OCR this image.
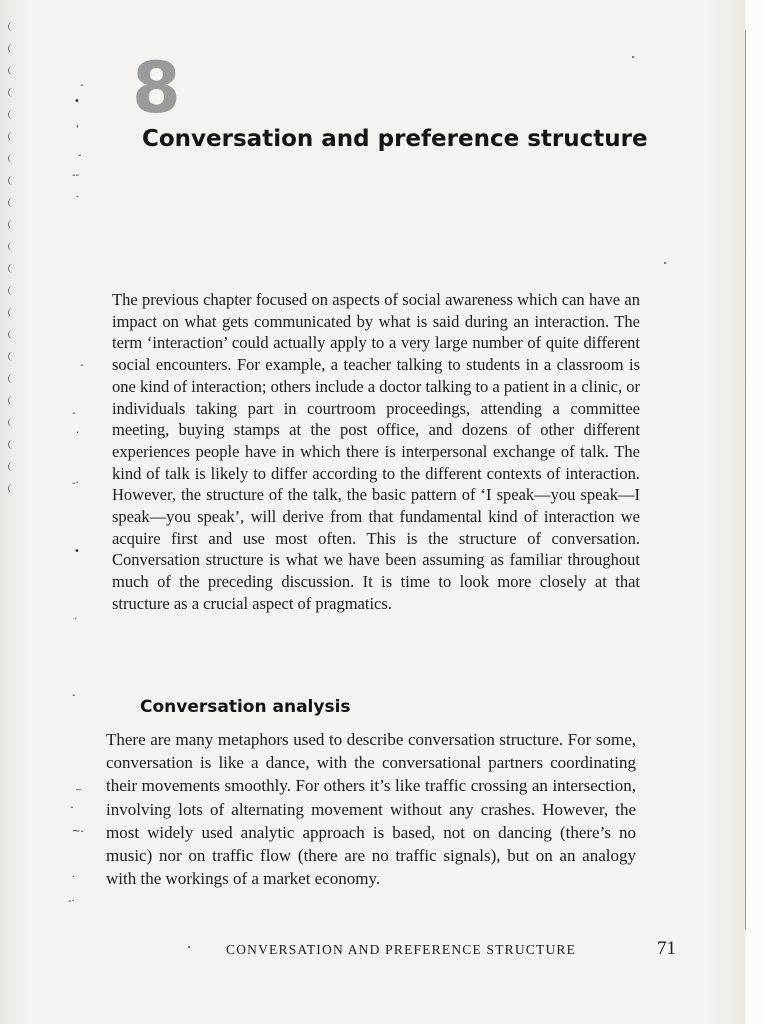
‑
•
'
‐
‑‑
·
‐
‐
·
‑·
•
·
‐
_
‐
~‐
·
‑·
8
Conversation and preference structure

The previous chapter focused on aspects of social awareness which can have an impact on what gets communicated by what is said during an interaction. The term ‘interaction’ could actually apply to a very large number of quite different social encounters. For example, a teacher talking to students in a classroom is one kind of interaction; others include a doctor talking to a patient in a clinic, or individuals taking part in courtroom proceedings, attending a committee meeting, buying stamps at the post office, and dozens of other different experiences people have in which there is interpersonal exchange of talk. The kind of talk is likely to differ according to the different contexts of interaction. However, the structure of the talk, the basic pattern of ‘I speak—you speak—I speak—you speak’, will derive from that fundamental kind of interaction we acquire first and use most often. This is the structure of conversation. Conversation structure is what we have been assuming as familiar throughout much of the preceding discussion. It is time to look more closely at that structure as a crucial aspect of pragmatics.

Conversation analysis

There are many metaphors used to describe conversation structure. For some, conversation is like a dance, with the conversational partners coordinating their movements smoothly. For others it’s like traffic crossing an intersection, involving lots of alternating movement without any crashes. However, the most widely used analytic approach is based, not on dancing (there’s no music) nor on traffic flow (there are no traffic signals), but on an analogy with the workings of a market economy.

CONVERSATION AND PREFERENCE STRUCTURE	71
